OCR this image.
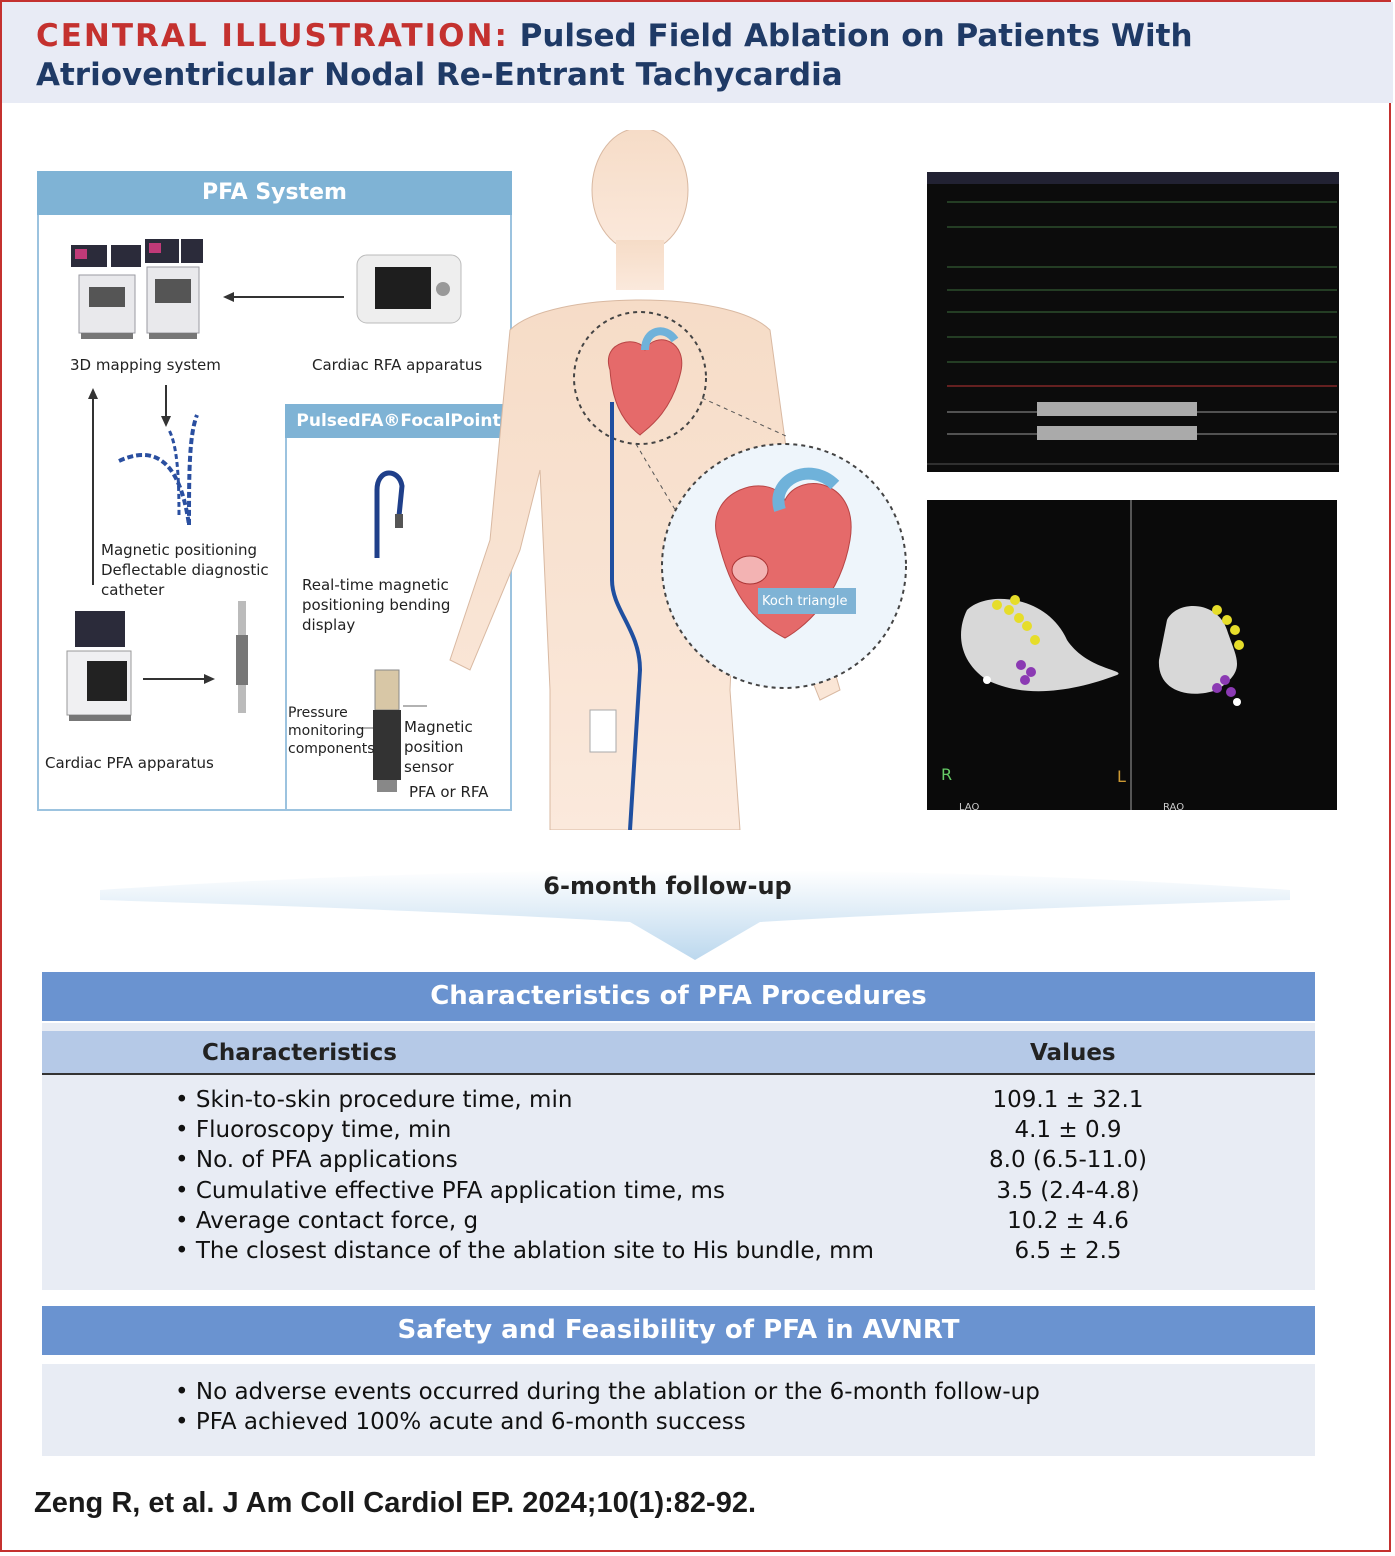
CENTRAL ILLUSTRATION: Pulsed Field Ablation on Patients With
Atrioventricular Nodal Re-Entrant Tachycardia
PFA System
3D mapping system	Cardiac RFA apparatus
Magnetic positioning
Deflectable diagnostic
catheter
Cardiac PFA apparatus
PulsedFA®FocalPoint
Real-time magnetic
positioning bending
display
Pressure
monitoring
components
Magnetic
position
sensor
PFA or RFA
Koch triangle
R	L
LAO	RAO
6-month follow-up
Characteristics of PFA Procedures
Characteristics	Values
• Skin-to-skin procedure time, min	109.1 ± 32.1
• Fluoroscopy time, min	4.1 ± 0.9
• No. of PFA applications	8.0 (6.5-11.0)
• Cumulative effective PFA application time, ms	3.5 (2.4-4.8)
• Average contact force, g	10.2 ± 4.6
• The closest distance of the ablation site to His bundle, mm	6.5 ± 2.5
Safety and Feasibility of PFA in AVNRT
• No adverse events occurred during the ablation or the 6-month follow-up
• PFA achieved 100% acute and 6-month success
Zeng R, et al. J Am Coll Cardiol EP. 2024;10(1):82-92.
